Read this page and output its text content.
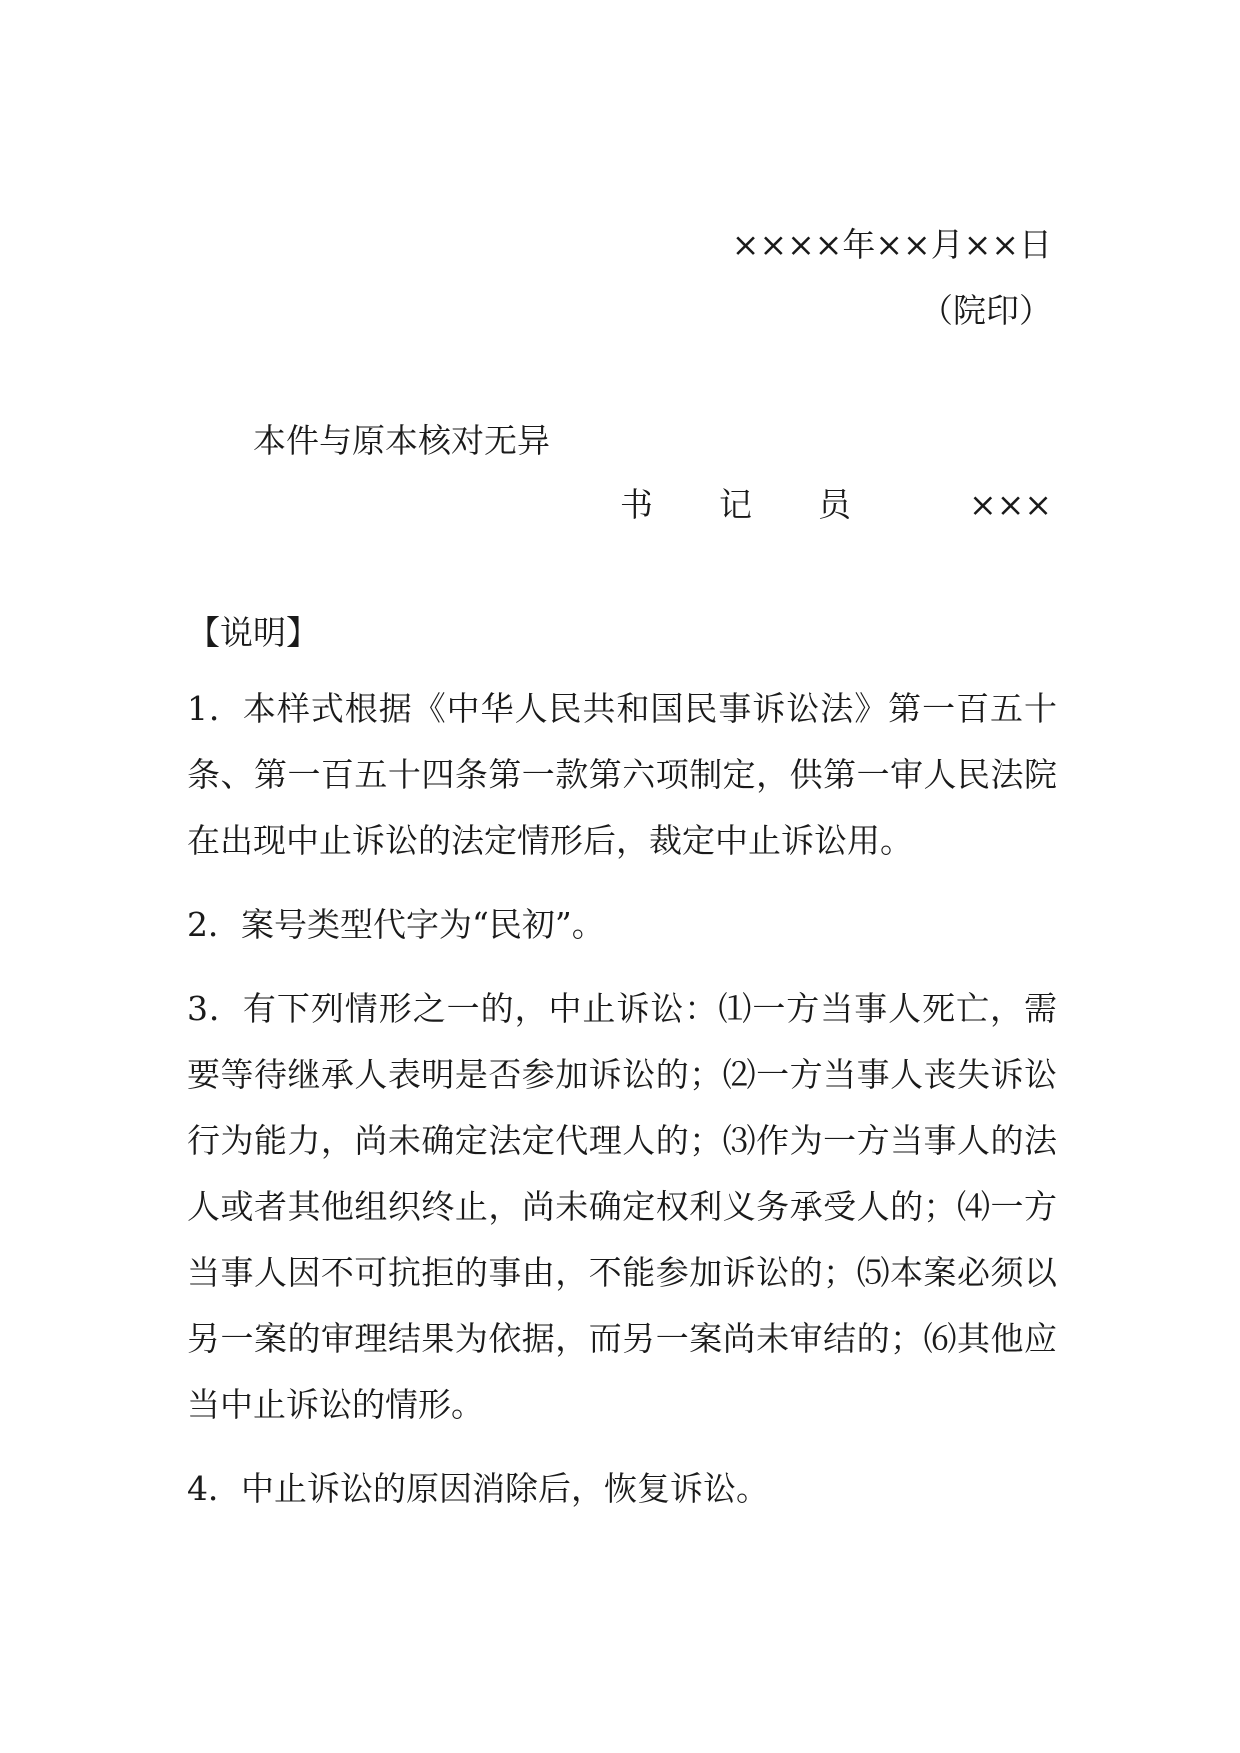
××××年××月××日
（院印）
本件与原本核对无异
书记员 ×××

【说明】

1．本样式根据《中华人民共和国民事诉讼法》第一百五十条、第一百五十四条第一款第六项制定，供第一审人民法院在出现中止诉讼的法定情形后，裁定中止诉讼用。

2．案号类型代字为“民初”。

3．有下列情形之一的，中止诉讼：⑴一方当事人死亡，需要等待继承人表明是否参加诉讼的；⑵一方当事人丧失诉讼行为能力，尚未确定法定代理人的；⑶作为一方当事人的法人或者其他组织终止，尚未确定权利义务承受人的；⑷一方当事人因不可抗拒的事由，不能参加诉讼的；⑸本案必须以另一案的审理结果为依据，而另一案尚未审结的；⑹其他应当中止诉讼的情形。

4．中止诉讼的原因消除后，恢复诉讼。
